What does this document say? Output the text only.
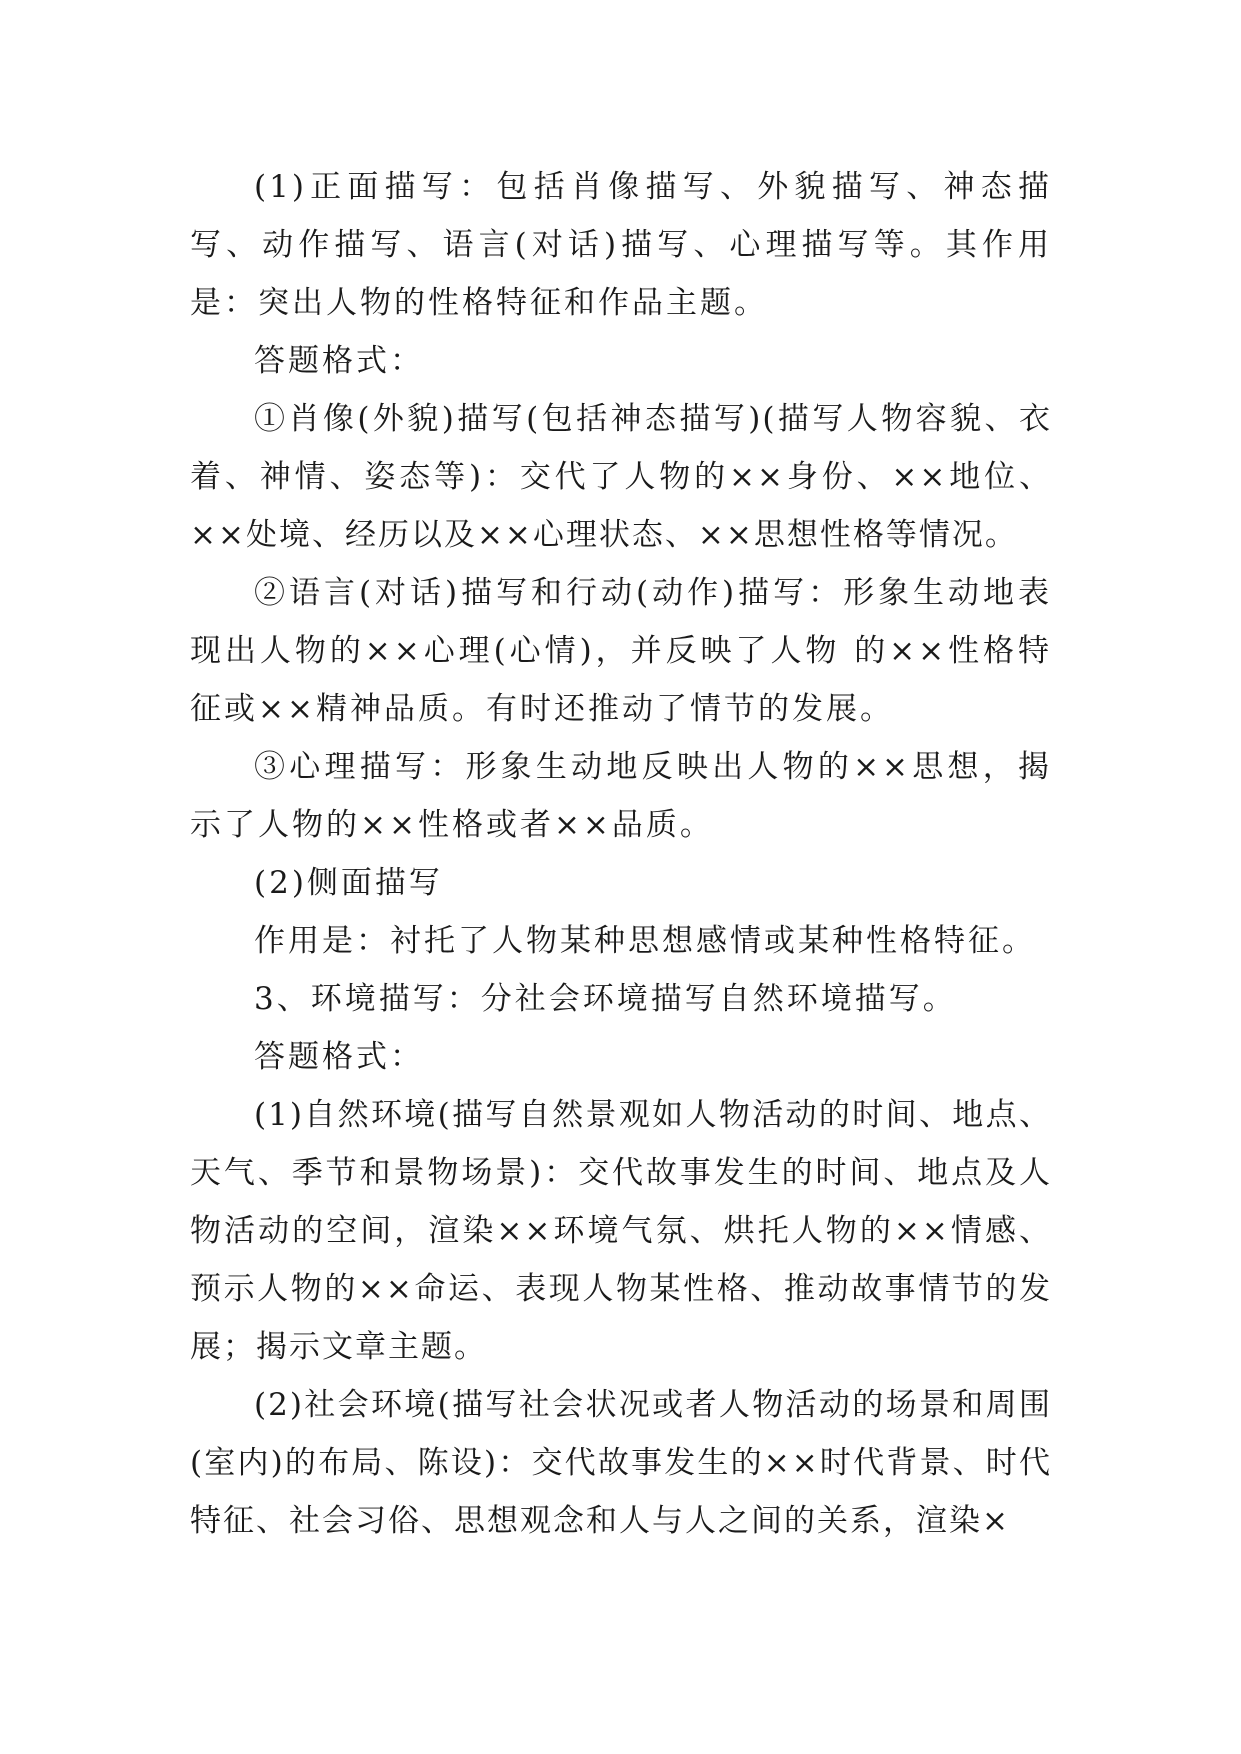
(1)正面描写：包括肖像描写、外貌描写、神态描写、动作描写、语言(对话)描写、心理描写等。其作用是：突出人物的性格特征和作品主题。

答题格式：

①肖像(外貌)描写(包括神态描写)(描写人物容貌、衣着、神情、姿态等)：交代了人物的××身份、××地位、××处境、经历以及××心理状态、××思想性格等情况。

②语言(对话)描写和行动(动作)描写：形象生动地表现出人物的××心理(心情)，并反映了人物 的××性格特征或××精神品质。有时还推动了情节的发展。

③心理描写：形象生动地反映出人物的××思想，揭示了人物的××性格或者××品质。

(2)侧面描写

作用是：衬托了人物某种思想感情或某种性格特征。

3、环境描写：分社会环境描写自然环境描写。

答题格式：

(1)自然环境(描写自然景观如人物活动的时间、地点、天气、季节和景物场景)：交代故事发生的时间、地点及人物活动的空间，渲染××环境气氛、烘托人物的××情感、预示人物的××命运、表现人物某性格、推动故事情节的发展；揭示文章主题。

(2)社会环境(描写社会状况或者人物活动的场景和周围(室内)的布局、陈设)：交代故事发生的××时代背景、时代特征、社会习俗、思想观念和人与人之间的关系，渲染×
